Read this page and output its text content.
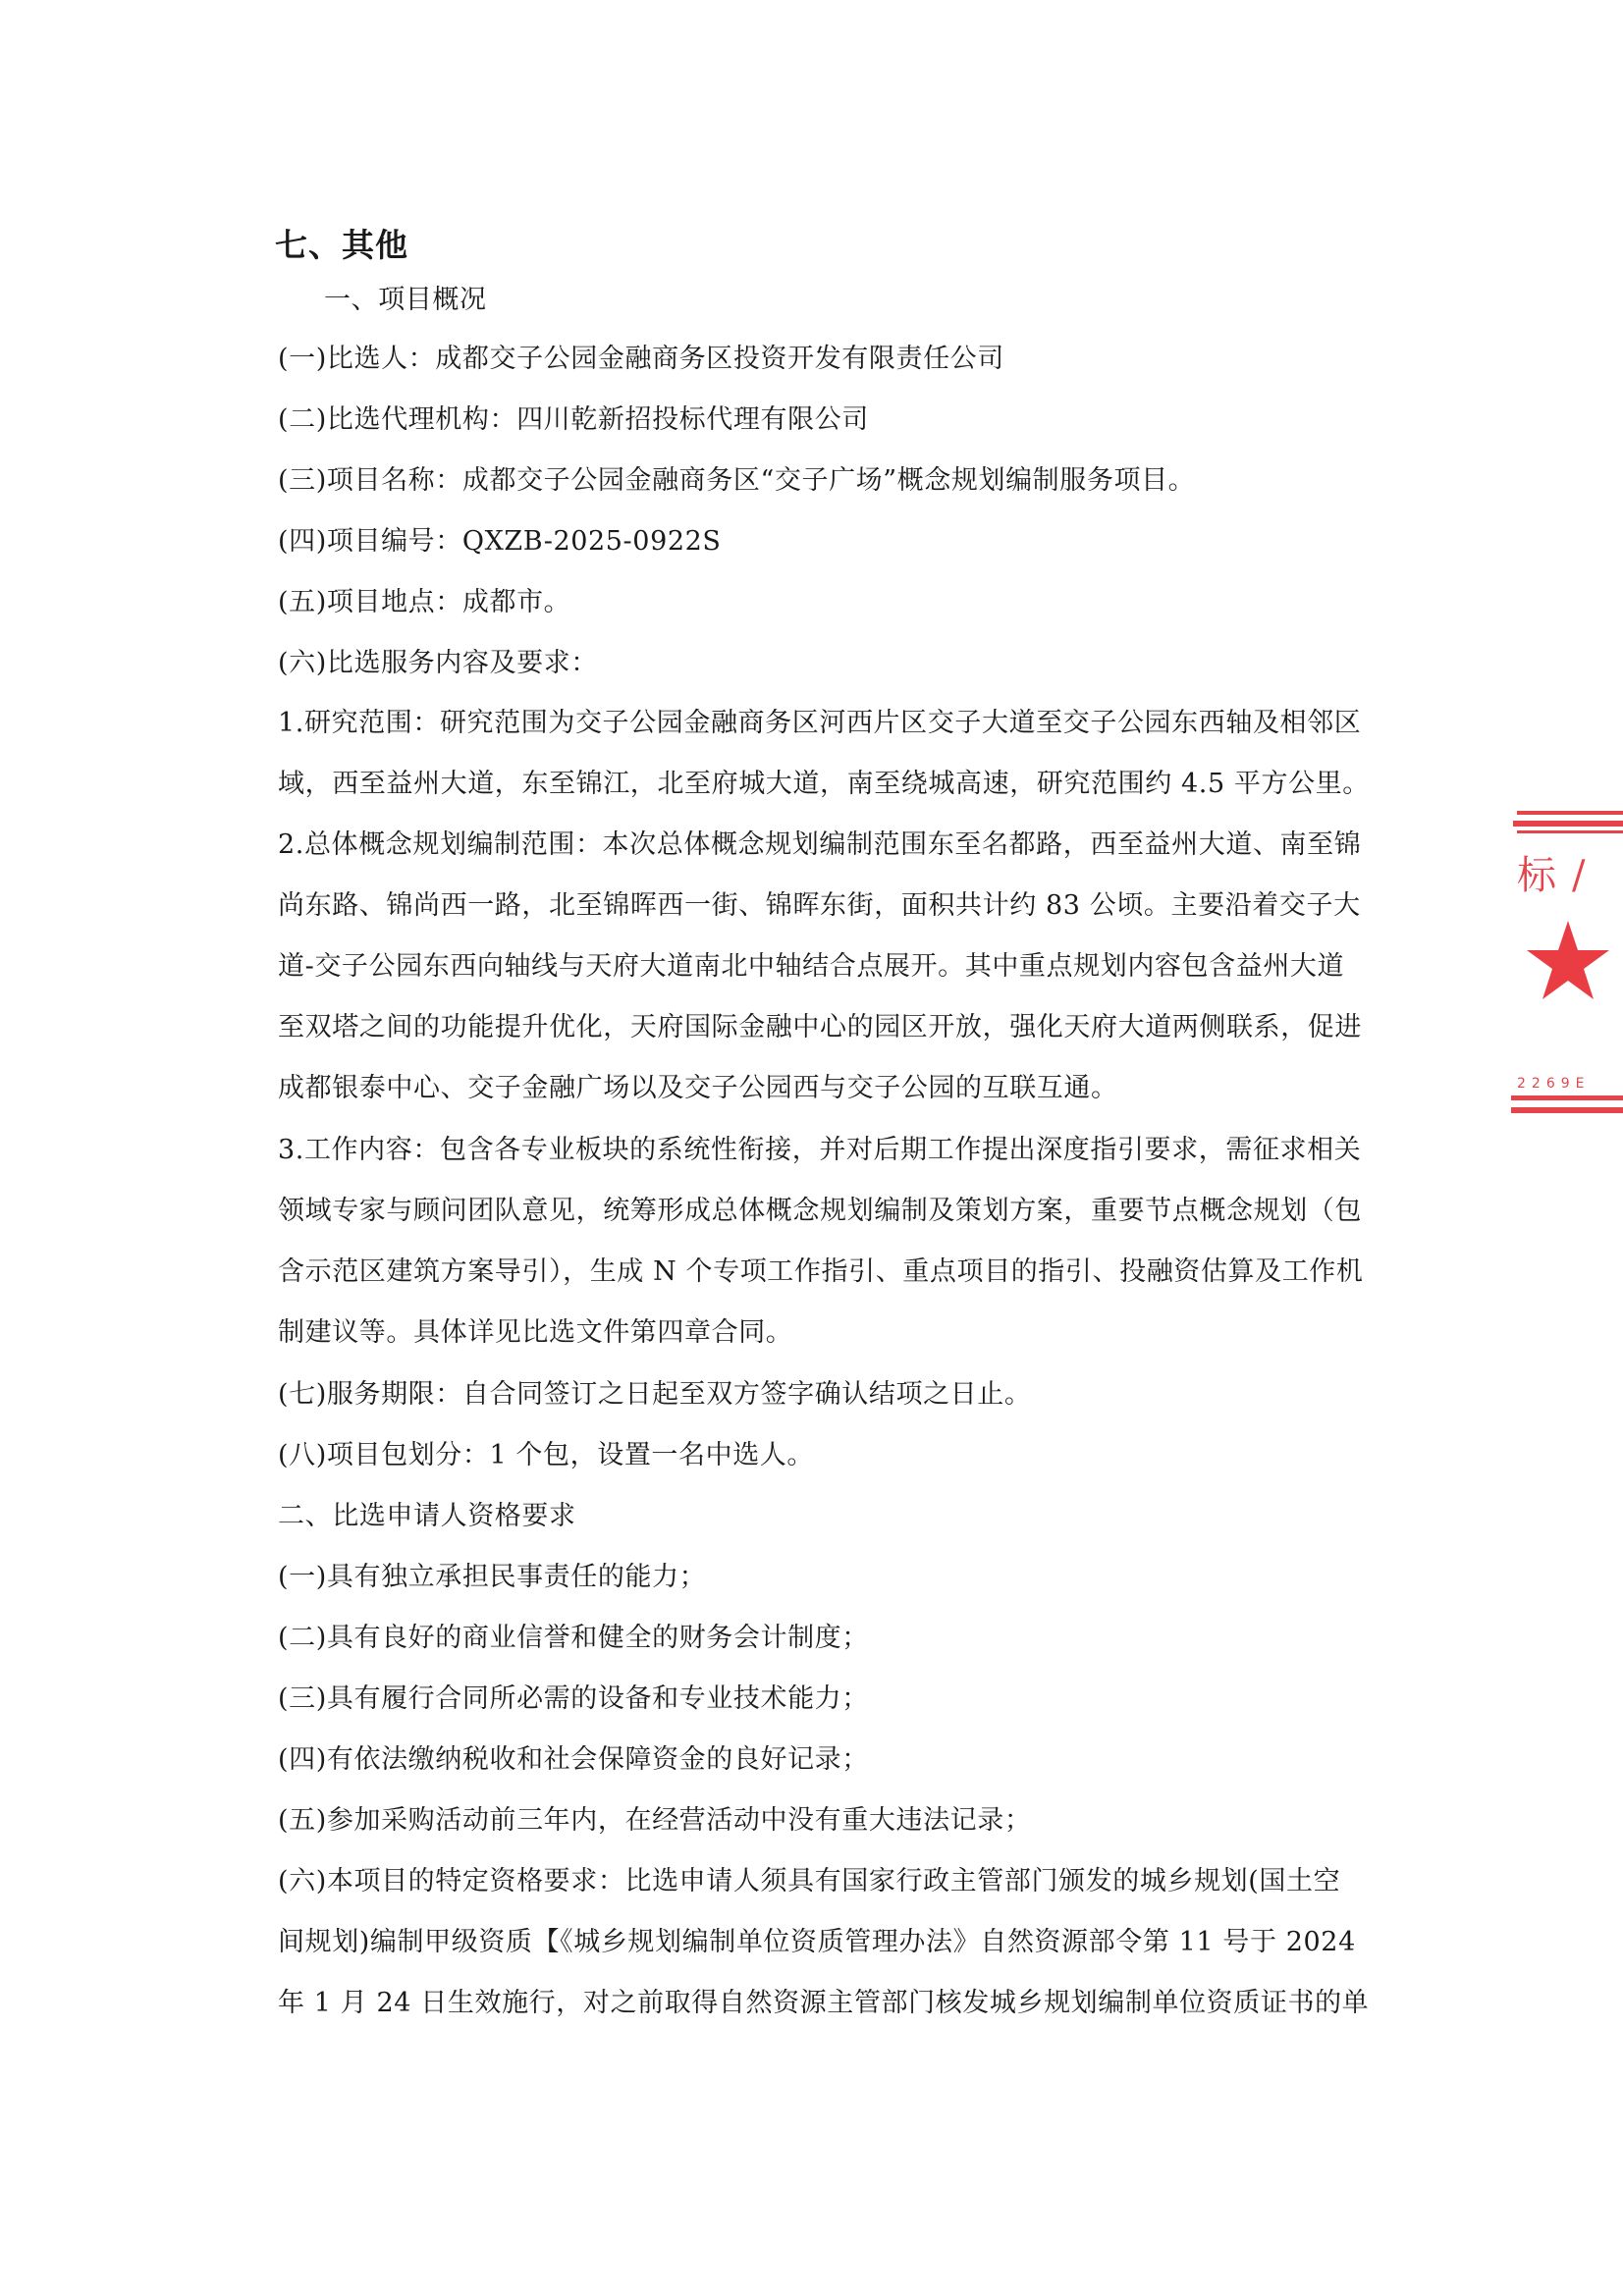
七、其他
一、项目概况
(一)比选人：成都交子公园金融商务区投资开发有限责任公司
(二)比选代理机构：四川乾新招投标代理有限公司
(三)项目名称：成都交子公园金融商务区“交子广场”概念规划编制服务项目。
(四)项目编号：QXZB-2025-0922S
(五)项目地点：成都市。
(六)比选服务内容及要求：
1.研究范围：研究范围为交子公园金融商务区河西片区交子大道至交子公园东西轴及相邻区
域，西至益州大道，东至锦江，北至府城大道，南至绕城高速，研究范围约 4.5 平方公里。
2.总体概念规划编制范围：本次总体概念规划编制范围东至名都路，西至益州大道、南至锦
尚东路、锦尚西一路，北至锦晖西一街、锦晖东街，面积共计约 83 公顷。主要沿着交子大
道-交子公园东西向轴线与天府大道南北中轴结合点展开。其中重点规划内容包含益州大道
至双塔之间的功能提升优化，天府国际金融中心的园区开放，强化天府大道两侧联系，促进
成都银泰中心、交子金融广场以及交子公园西与交子公园的互联互通。
3.工作内容：包含各专业板块的系统性衔接，并对后期工作提出深度指引要求，需征求相关
领域专家与顾问团队意见，统筹形成总体概念规划编制及策划方案，重要节点概念规划（包
含示范区建筑方案导引），生成 N 个专项工作指引、重点项目的指引、投融资估算及工作机
制建议等。具体详见比选文件第四章合同。
(七)服务期限：自合同签订之日起至双方签字确认结项之日止。
(八)项目包划分：1 个包，设置一名中选人。
二、比选申请人资格要求
(一)具有独立承担民事责任的能力；
(二)具有良好的商业信誉和健全的财务会计制度；
(三)具有履行合同所必需的设备和专业技术能力；
(四)有依法缴纳税收和社会保障资金的良好记录；
(五)参加采购活动前三年内，在经营活动中没有重大违法记录；
(六)本项目的特定资格要求：比选申请人须具有国家行政主管部门颁发的城乡规划(国土空
间规划)编制甲级资质【《城乡规划编制单位资质管理办法》自然资源部令第 11 号于 2024
年 1 月 24 日生效施行，对之前取得自然资源主管部门核发城乡规划编制单位资质证书的单
标 /
2269E
